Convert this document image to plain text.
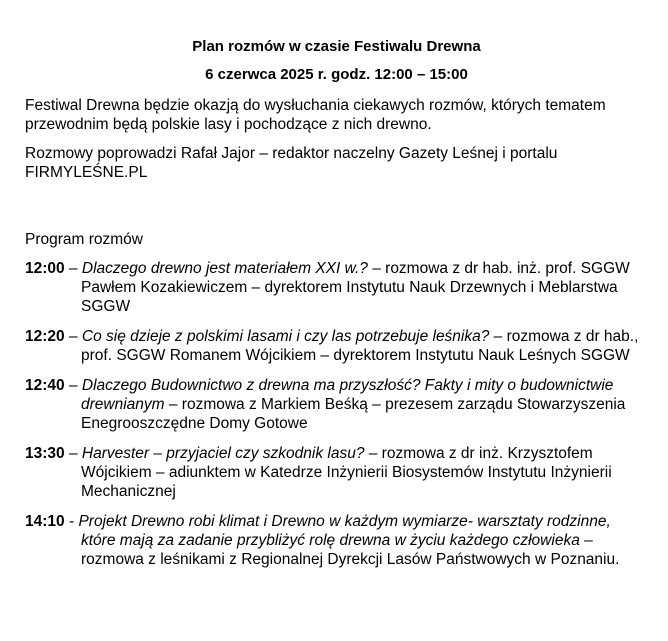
Plan rozmów w czasie Festiwalu Drewna
6 czerwca 2025 r. godz. 12:00 – 15:00

Festiwal Drewna będzie okazją do wysłuchania ciekawych rozmów, których tematem przewodnim będą polskie lasy i pochodzące z nich drewno.

Rozmowy poprowadzi Rafał Jajor – redaktor naczelny Gazety Leśnej i portalu FIRMYLEŚNE.PL

Program rozmów

12:00 – Dlaczego drewno jest materiałem XXI w.? – rozmowa z dr hab. inż. prof. SGGW Pawłem Kozakiewiczem – dyrektorem Instytutu Nauk Drzewnych i Meblarstwa SGGW

12:20 – Co się dzieje z polskimi lasami i czy las potrzebuje leśnika? – rozmowa z dr hab., prof. SGGW Romanem Wójcikiem – dyrektorem Instytutu Nauk Leśnych SGGW

12:40 – Dlaczego Budownictwo z drewna ma przyszłość? Fakty i mity o budownictwie drewnianym – rozmowa z Markiem Beśką – prezesem zarządu Stowarzyszenia Enegrooszczędne Domy Gotowe

13:30 – Harvester – przyjaciel czy szkodnik lasu? – rozmowa z dr inż. Krzysztofem Wójcikiem – adiunktem w Katedrze Inżynierii Biosystemów Instytutu Inżynierii Mechanicznej

14:10 - Projekt Drewno robi klimat i Drewno w każdym wymiarze- warsztaty rodzinne, które mają za zadanie przybliżyć rolę drewna w życiu każdego człowieka – rozmowa z leśnikami z Regionalnej Dyrekcji Lasów Państwowych w Poznaniu.
